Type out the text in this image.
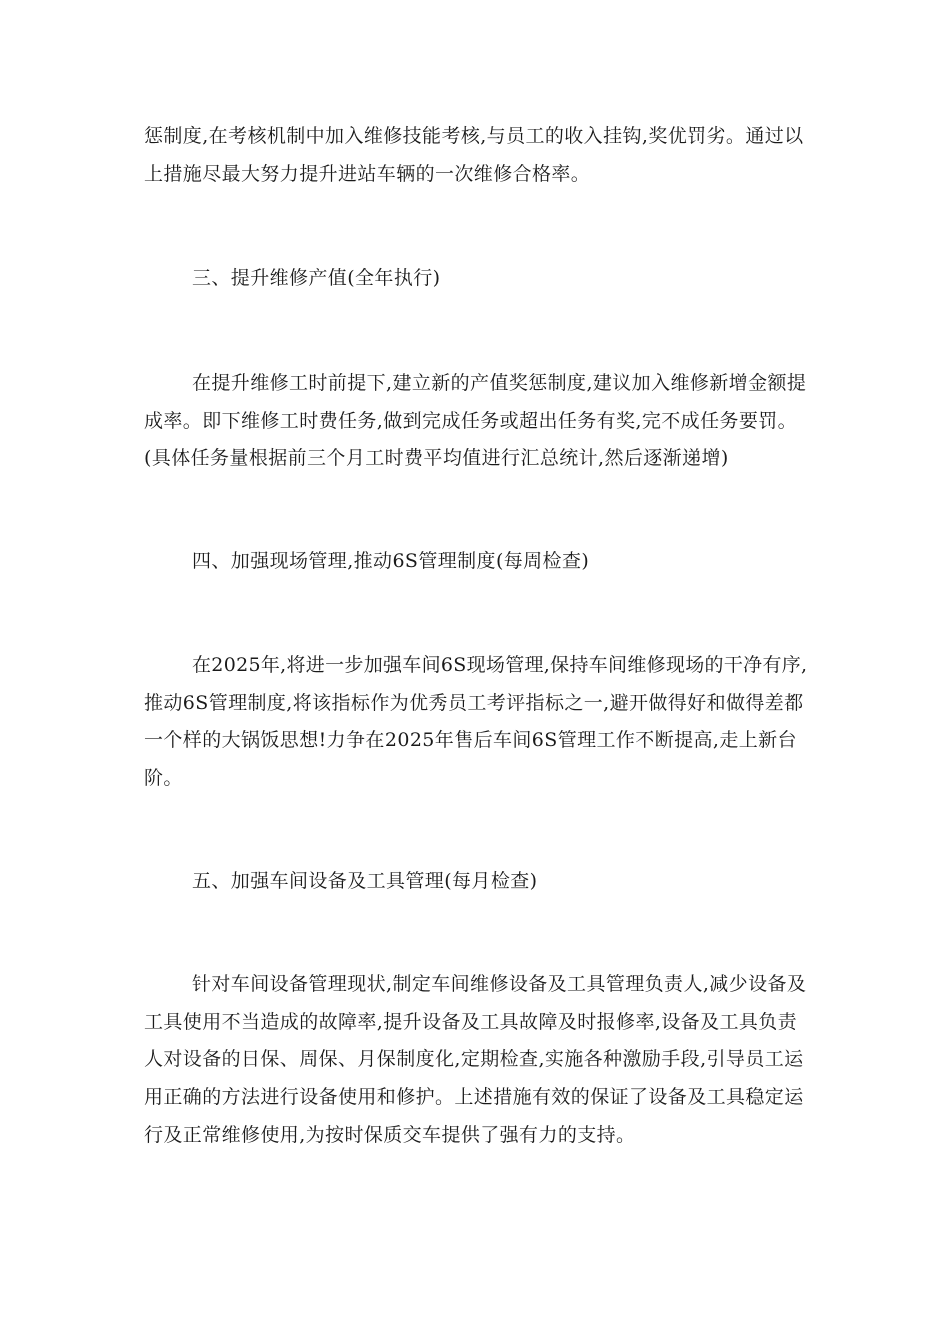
惩制度,在考核机制中加入维修技能考核,与员工的收入挂钩,奖优罚劣。通过以
上措施尽最大努力提升进站车辆的一次维修合格率。
三、提升维修产值(全年执行)
在提升维修工时前提下,建立新的产值奖惩制度,建议加入维修新增金额提
成率。即下维修工时费任务,做到完成任务或超出任务有奖,完不成任务要罚。
(具体任务量根据前三个月工时费平均值进行汇总统计,然后逐渐递增)
四、加强现场管理,推动6S管理制度(每周检查)
在2025年,将进一步加强车间6S现场管理,保持车间维修现场的干净有序,
推动6S管理制度,将该指标作为优秀员工考评指标之一,避开做得好和做得差都
一个样的大锅饭思想!力争在2025年售后车间6S管理工作不断提高,走上新台
阶。
五、加强车间设备及工具管理(每月检查)
针对车间设备管理现状,制定车间维修设备及工具管理负责人,减少设备及
工具使用不当造成的故障率,提升设备及工具故障及时报修率,设备及工具负责
人对设备的日保、周保、月保制度化,定期检查,实施各种激励手段,引导员工运
用正确的方法进行设备使用和修护。上述措施有效的保证了设备及工具稳定运
行及正常维修使用,为按时保质交车提供了强有力的支持。
